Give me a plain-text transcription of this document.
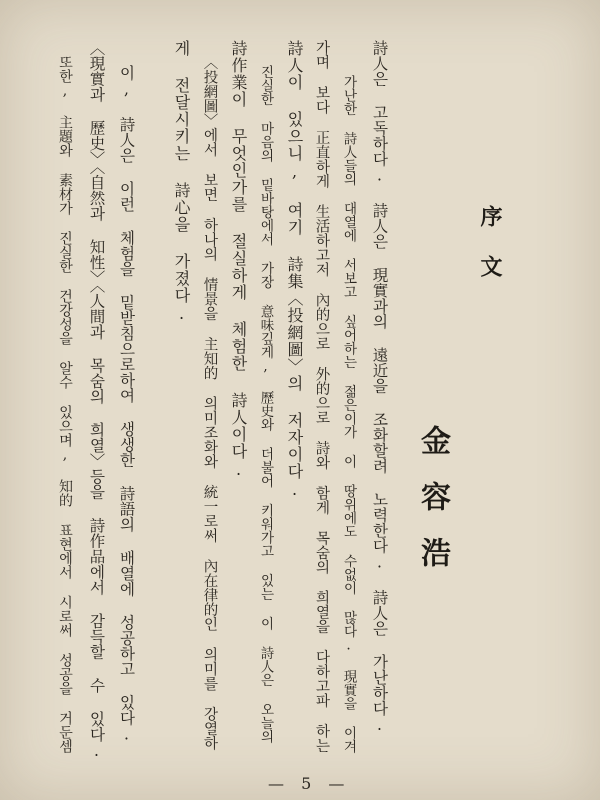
序文
金容浩
詩人은 고독하다. 詩人은 現實과의 遠近을 조화할려 노력한다. 詩人은 가난하다.
가난한 詩人들의 대열에 서보고 싶어하는 젊은이가 이 땅위에도 수없이 많다. 現實을 이겨
가며 보다 正直하게 生活하고저 內的으로 外的으로 詩와 함게 목숨의 희열을 다하고파 하는
詩人이 있으니, 여기 詩集〈投網圖〉의 저자이다.
진실한 마음의 밑바탕에서 가장 意味깊게, 歷史와 더불어 키워가고 있는 이 詩人은 오늘의
詩作業이 무엇인가를 절실하게 체험한 詩人이다.
〈投網圖〉에서 보면 하나의 情景을 主知的 의미조화와 統一로써 內在律的인 의미를 강열하
게 전달시키는 詩心을 가졌다.
이, 詩人은 이런 체험을 밑받침으로하여 생생한 詩語의 배열에 성공하고 있다.
〈現實과 歷史〉〈自然과 知性〉〈人間과 목숨의 희열〉등을 詩作品에서 감득할 수 있다.
또한, 主題와 素材가 진실한 건강성을 알수 있으며, 知的 표현에서 시로써 성공을 거둔셈
— 5 —
